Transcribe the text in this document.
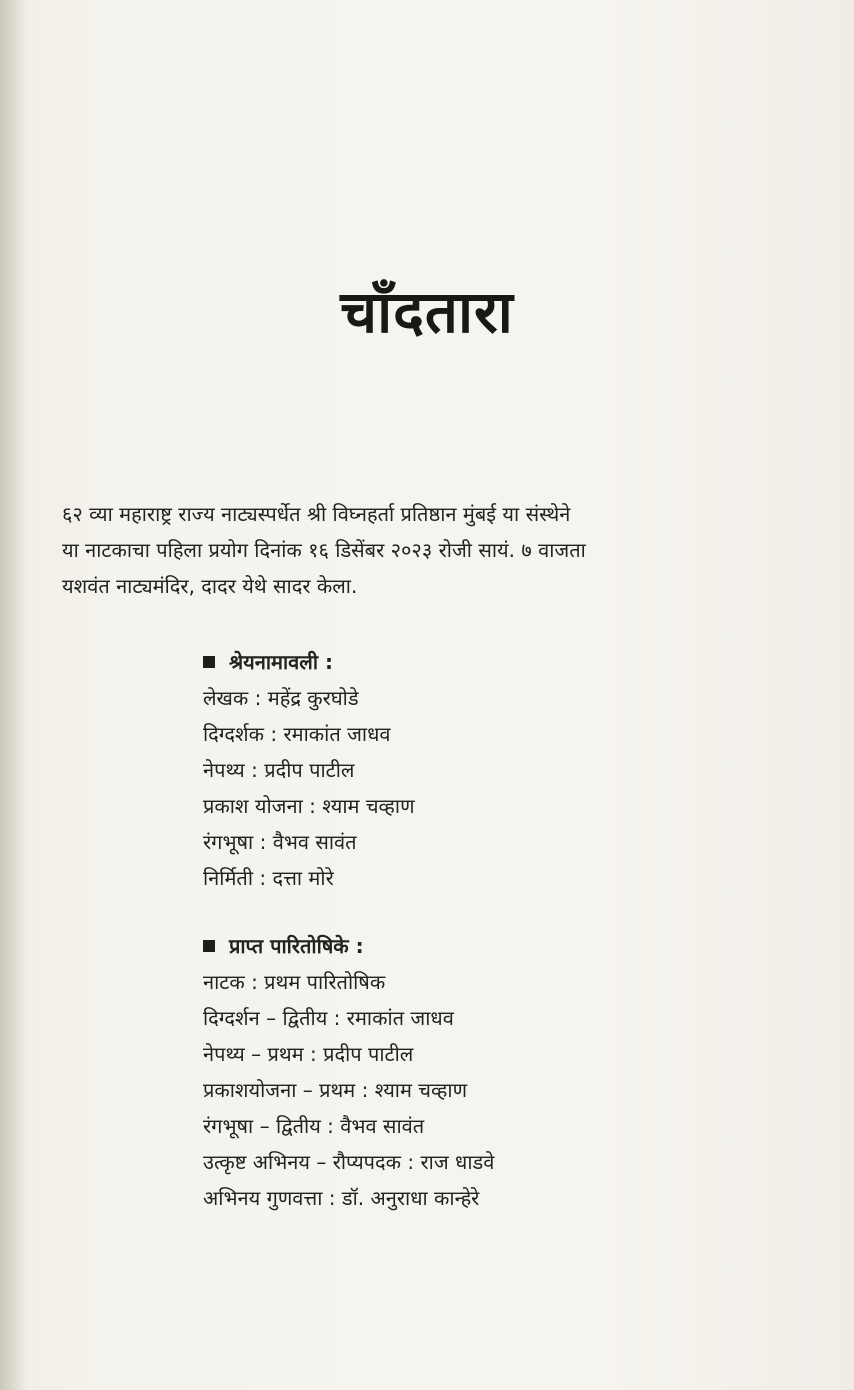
चाँदतारा

६२ व्या महाराष्ट्र राज्य नाट्यस्पर्धेत श्री विघ्नहर्ता प्रतिष्ठान मुंबई या संस्थेने

या नाटकाचा पहिला प्रयोग दिनांक १६ डिसेंबर २०२३ रोजी सायं. ७ वाजता

यशवंत नाट्यमंदिर, दादर येथे सादर केला.

श्रेयनामावली :
लेखक : महेंद्र कुरघोडे
दिग्दर्शक : रमाकांत जाधव
नेपथ्य : प्रदीप पाटील
प्रकाश योजना : श्याम चव्हाण
रंगभूषा : वैभव सावंत
निर्मिती : दत्ता मोरे
प्राप्त पारितोषिके :
नाटक : प्रथम पारितोषिक
दिग्दर्शन – द्वितीय : रमाकांत जाधव
नेपथ्य – प्रथम : प्रदीप पाटील
प्रकाशयोजना – प्रथम : श्याम चव्हाण
रंगभूषा – द्वितीय : वैभव सावंत
उत्कृष्ट अभिनय – रौप्यपदक : राज धाडवे
अभिनय गुणवत्ता : डॉ. अनुराधा कान्हेरे
